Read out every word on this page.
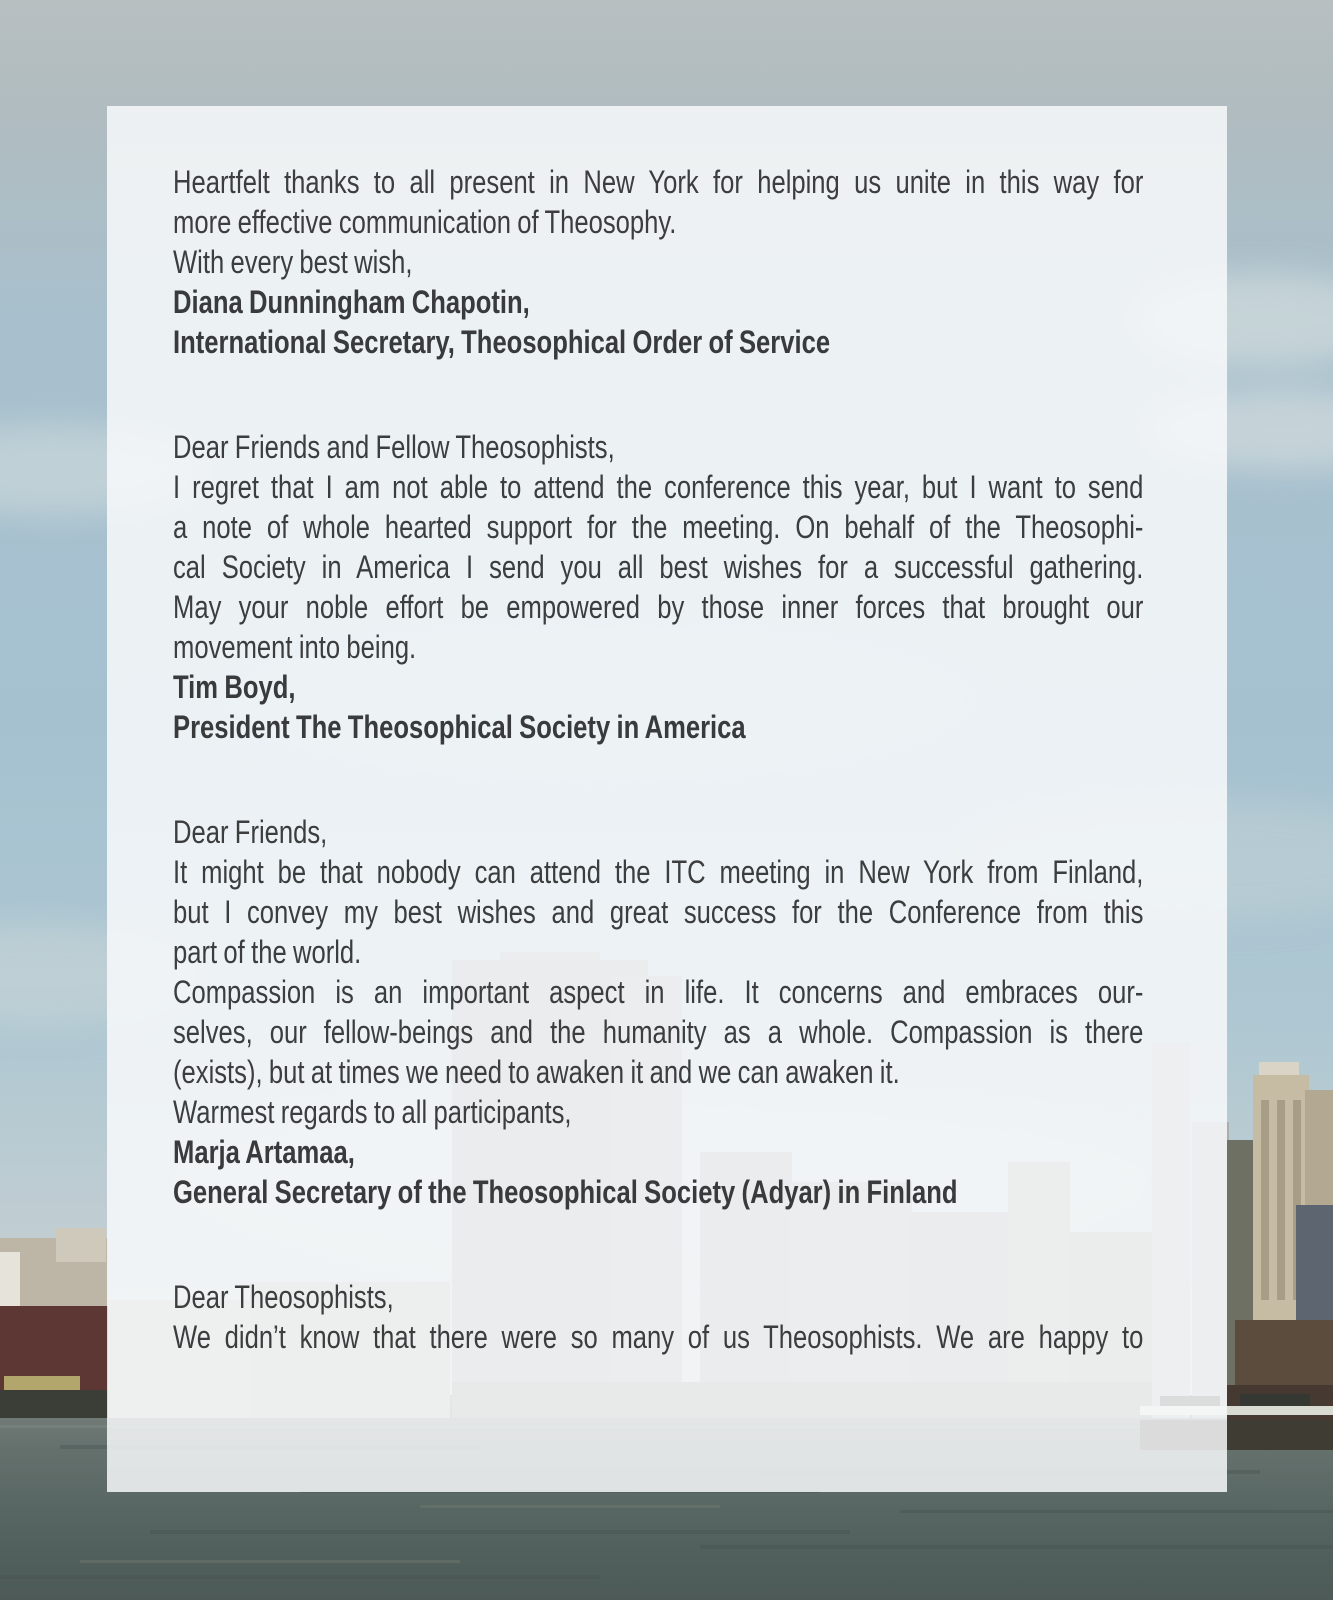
Heartfelt thanks to all present in New York for helping us unite in this way for
more effective communication of Theosophy.
With every best wish,
Diana Dunningham Chapotin,
International Secretary, Theosophical Order of Service
Dear Friends and Fellow Theosophists,
I regret that I am not able to attend the conference this year, but I want to send
a note of whole hearted support for the meeting. On behalf of the Theosophi-
cal Society in America I send you all best wishes for a successful gathering.
May your noble effort be empowered by those inner forces that brought our
movement into being.
Tim Boyd,
President The Theosophical Society in America
Dear Friends,
It might be that nobody can attend the ITC meeting in New York from Finland,
but I convey my best wishes and great success for the Conference from this
part of the world.
Compassion is an important aspect in life. It concerns and embraces our-
selves, our fellow-beings and the humanity as a whole. Compassion is there
(exists), but at times we need to awaken it and we can awaken it.
Warmest regards to all participants,
Marja Artamaa,
General Secretary of the Theosophical Society (Adyar) in Finland
Dear Theosophists,
We didn’t know that there were so many of us Theosophists. We are happy to
